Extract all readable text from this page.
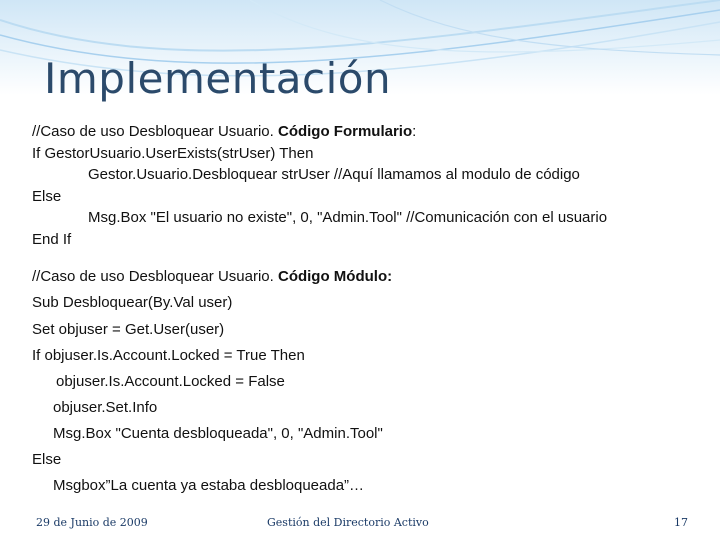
Implementación
//Caso de uso Desbloquear Usuario. Código Formulario:
If GestorUsuario.UserExists(strUser) Then
Gestor.Usuario.Desbloquear strUser //Aquí llamamos al modulo de código
Else
Msg.Box "El usuario no existe", 0, "Admin.Tool" //Comunicación con el usuario
End If
//Caso de uso Desbloquear Usuario. Código Módulo:
Sub Desbloquear(By.Val user)
Set objuser = Get.User(user)
If objuser.Is.Account.Locked = True Then
objuser.Is.Account.Locked = False
objuser.Set.Info
Msg.Box "Cuenta desbloqueada", 0, "Admin.Tool"
Else
Msgbox”La cuenta ya estaba desbloqueada”…
29 de Junio de 2009	Gestión del Directorio Activo	17
